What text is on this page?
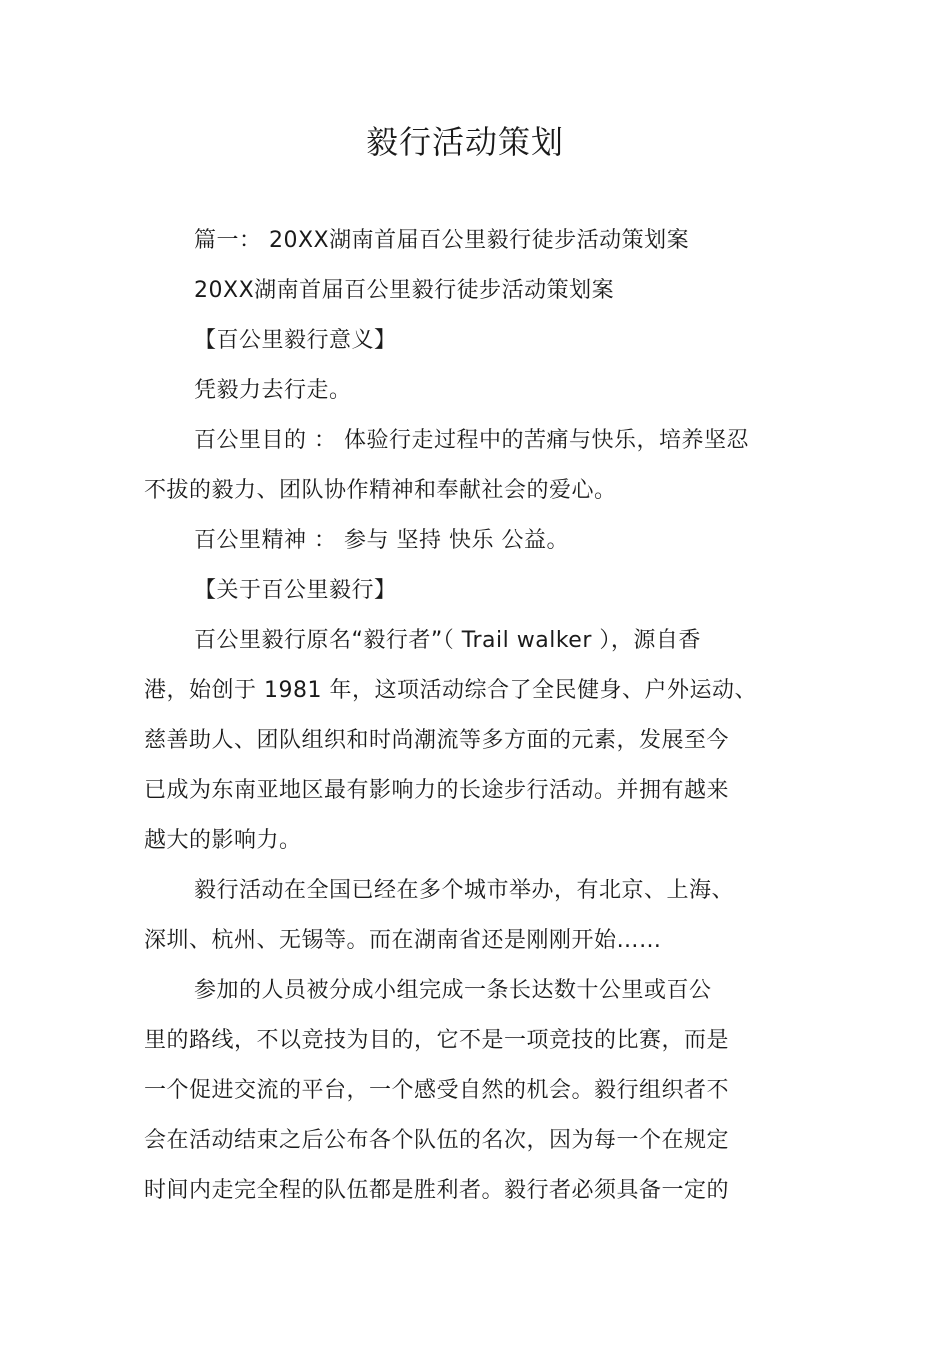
毅行活动策划
篇一： 20XX湖南首届百公里毅行徒步活动策划案
20XX湖南首届百公里毅行徒步活动策划案
【百公里毅行意义】
凭毅力去行走。
百公里目的 ： 体验行走过程中的苦痛与快乐，培养坚忍
不拔的毅力、团队协作精神和奉献社会的爱心。
百公里精神 ： 参与 坚持 快乐 公益。
【关于百公里毅行】
百公里毅行原名“毅行者”（ Trail walker ），源自香
港，始创于 1981 年，这项活动综合了全民健身、户外运动、
慈善助人、团队组织和时尚潮流等多方面的元素，发展至今
已成为东南亚地区最有影响力的长途步行活动。并拥有越来
越大的影响力。
毅行活动在全国已经在多个城市举办，有北京、上海、
深圳、杭州、无锡等。而在湖南省还是刚刚开始……
参加的人员被分成小组完成一条长达数十公里或百公
里的路线，不以竞技为目的，它不是一项竞技的比赛，而是
一个促进交流的平台，一个感受自然的机会。毅行组织者不
会在活动结束之后公布各个队伍的名次，因为每一个在规定
时间内走完全程的队伍都是胜利者。毅行者必须具备一定的
